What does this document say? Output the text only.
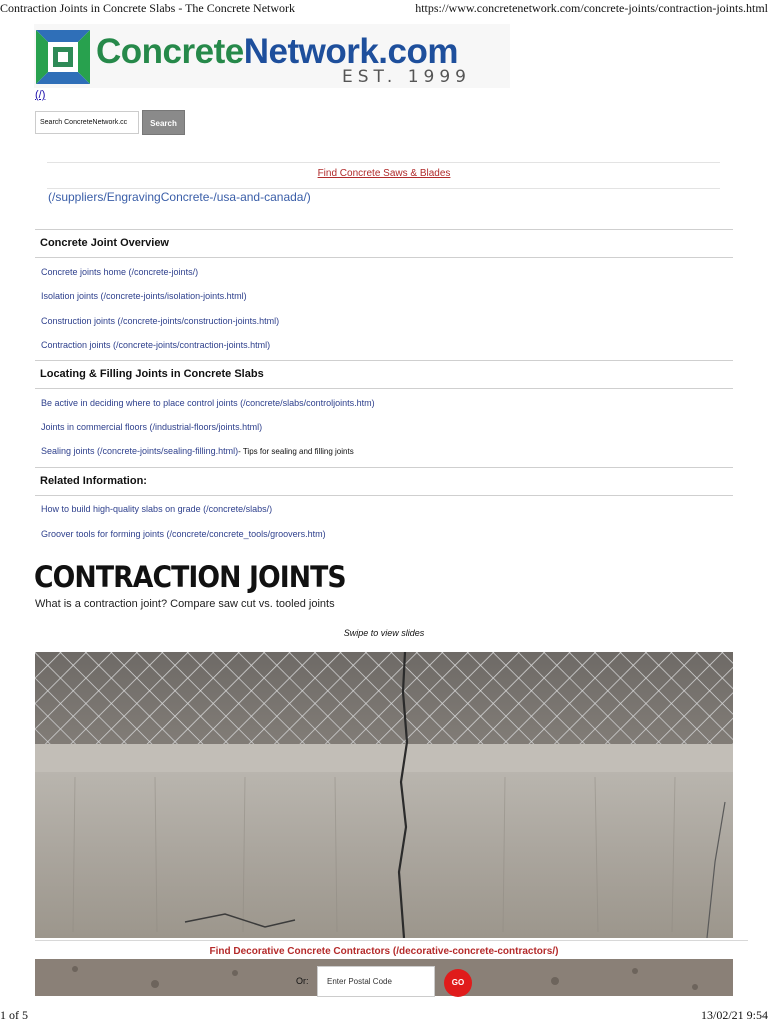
Contraction Joints in Concrete Slabs - The Concrete Network	https://www.concretenetwork.com/concrete-joints/contraction-joints.html
ConcreteNetwork.com
EST. 1999
(/)
Search ConcreteNetwork.cc	Search
Find Concrete Saws & Blades
(/suppliers/EngravingConcrete-/usa-and-canada/)
Concrete Joint Overview
Concrete joints home (/concrete-joints/)
Isolation joints (/concrete-joints/isolation-joints.html)
Construction joints (/concrete-joints/construction-joints.html)
Contraction joints (/concrete-joints/contraction-joints.html)
Locating & Filling Joints in Concrete Slabs
Be active in deciding where to place control joints (/concrete/slabs/controljoints.htm)
Joints in commercial floors (/industrial-floors/joints.html)
Sealing joints (/concrete-joints/sealing-filling.html)- Tips for sealing and filling joints
Related Information:
How to build high-quality slabs on grade (/concrete/slabs/)
Groover tools for forming joints (/concrete/concrete_tools/groovers.htm)
CONTRACTION JOINTS
What is a contraction joint? Compare saw cut vs. tooled joints
Swipe to view slides
Find Decorative Concrete Contractors (/decorative-concrete-contractors/)
Or:	Enter Postal Code	GO
1 of 5	13/02/21 9:54
